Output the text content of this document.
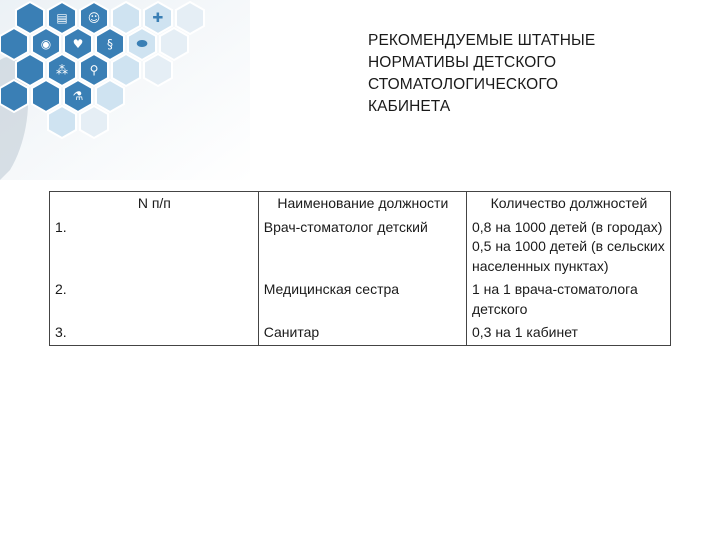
▤ ☺
◉ ♥ §
⁂ ⚲
⚗
✚
⬬	РЕКОМЕНДУЕМЫЕ ШТАТНЫЕ
НОРМАТИВЫ ДЕТСКОГО
СТОМАТОЛОГИЧЕСКОГО
КАБИНЕТА
N п/п	Наименование должности	Количество должностей
1.	Врач-стоматолог детский	0,8 на 1000 детей (в городах) 0,5 на 1000 детей (в сельских населенных пунктах)
2.	Медицинская сестра	1 на 1 врача-стоматолога детского
3.	Санитар	0,3 на 1 кабинет
